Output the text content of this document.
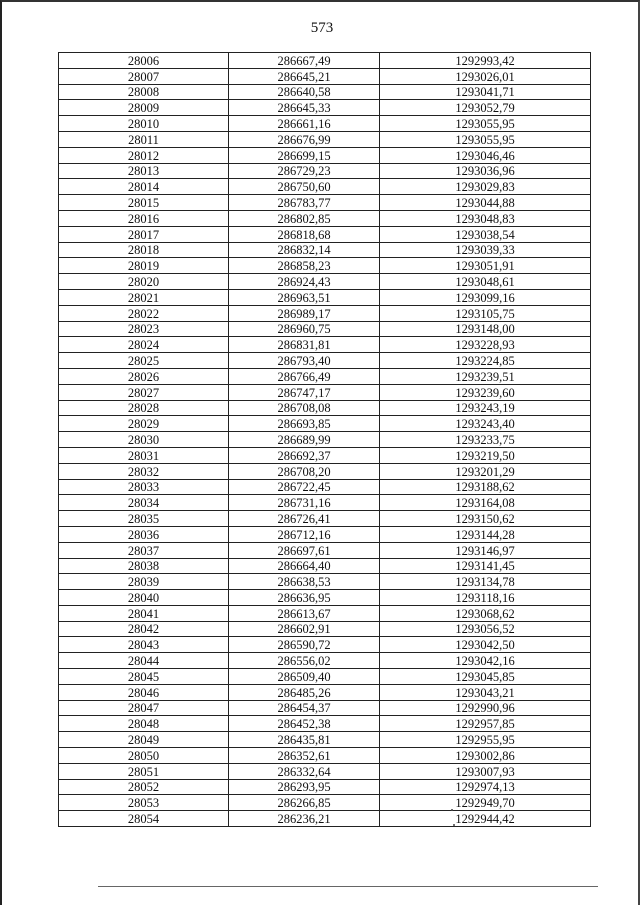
573
28006	286667,49	1292993,42
28007	286645,21	1293026,01
28008	286640,58	1293041,71
28009	286645,33	1293052,79
28010	286661,16	1293055,95
28011	286676,99	1293055,95
28012	286699,15	1293046,46
28013	286729,23	1293036,96
28014	286750,60	1293029,83
28015	286783,77	1293044,88
28016	286802,85	1293048,83
28017	286818,68	1293038,54
28018	286832,14	1293039,33
28019	286858,23	1293051,91
28020	286924,43	1293048,61
28021	286963,51	1293099,16
28022	286989,17	1293105,75
28023	286960,75	1293148,00
28024	286831,81	1293228,93
28025	286793,40	1293224,85
28026	286766,49	1293239,51
28027	286747,17	1293239,60
28028	286708,08	1293243,19
28029	286693,85	1293243,40
28030	286689,99	1293233,75
28031	286692,37	1293219,50
28032	286708,20	1293201,29
28033	286722,45	1293188,62
28034	286731,16	1293164,08
28035	286726,41	1293150,62
28036	286712,16	1293144,28
28037	286697,61	1293146,97
28038	286664,40	1293141,45
28039	286638,53	1293134,78
28040	286636,95	1293118,16
28041	286613,67	1293068,62
28042	286602,91	1293056,52
28043	286590,72	1293042,50
28044	286556,02	1293042,16
28045	286509,40	1293045,85
28046	286485,26	1293043,21
28047	286454,37	1292990,96
28048	286452,38	1292957,85
28049	286435,81	1292955,95
28050	286352,61	1293002,86
28051	286332,64	1293007,93
28052	286293,95	1292974,13
28053	286266,85	1292949,70
28054	286236,21	1292944,42
